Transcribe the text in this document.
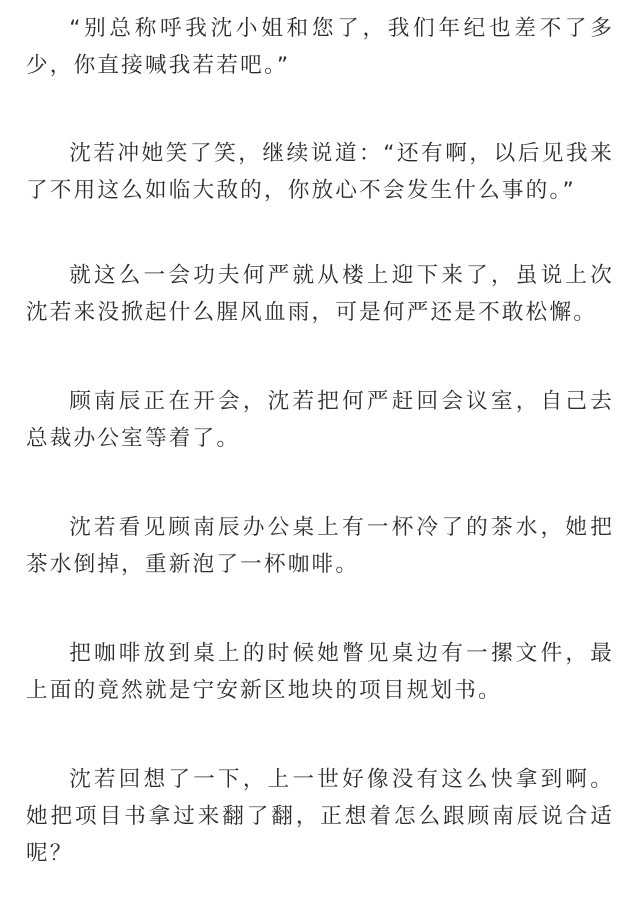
“别总称呼我沈小姐和您了，我们年纪也差不了多少，你直接喊我若若吧。”

沈若冲她笑了笑，继续说道：“还有啊，以后见我来了不用这么如临大敌的，你放心不会发生什么事的。”

就这么一会功夫何严就从楼上迎下来了，虽说上次沈若来没掀起什么腥风血雨，可是何严还是不敢松懈。

顾南辰正在开会，沈若把何严赶回会议室，自己去总裁办公室等着了。

沈若看见顾南辰办公桌上有一杯冷了的茶水，她把茶水倒掉，重新泡了一杯咖啡。

把咖啡放到桌上的时候她瞥见桌边有一摞文件，最上面的竟然就是宁安新区地块的项目规划书。

沈若回想了一下，上一世好像没有这么快拿到啊。她把项目书拿过来翻了翻，正想着怎么跟顾南辰说合适呢？
